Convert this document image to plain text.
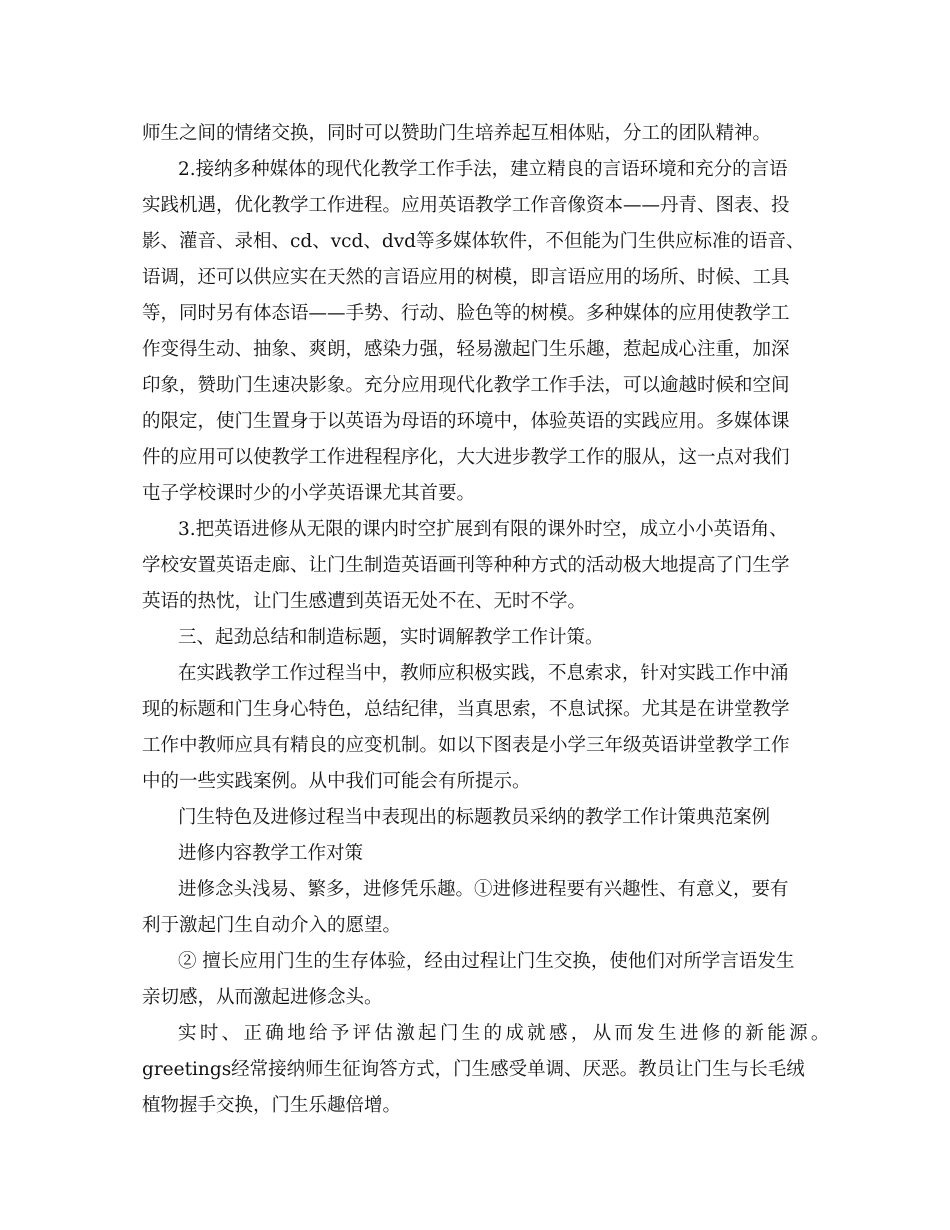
师生之间的情绪交换，同时可以赞助门生培养起互相体贴，分工的团队精神。
2.接纳多种媒体的现代化教学工作手法，建立精良的言语环境和充分的言语
实践机遇，优化教学工作进程。应用英语教学工作音像资本——丹青、图表、投
影、灌音、录相、cd、vcd、dvd等多媒体软件，不但能为门生供应标准的语音、
语调，还可以供应实在天然的言语应用的树模，即言语应用的场所、时候、工具
等，同时另有体态语——手势、行动、脸色等的树模。多种媒体的应用使教学工
作变得生动、抽象、爽朗，感染力强，轻易激起门生乐趣，惹起成心注重，加深
印象，赞助门生速决影象。充分应用现代化教学工作手法，可以逾越时候和空间
的限定，使门生置身于以英语为母语的环境中，体验英语的实践应用。多媒体课
件的应用可以使教学工作进程程序化，大大进步教学工作的服从，这一点对我们
屯子学校课时少的小学英语课尤其首要。
3.把英语进修从无限的课内时空扩展到有限的课外时空，成立小小英语角、
学校安置英语走廊、让门生制造英语画刊等种种方式的活动极大地提高了门生学
英语的热忱，让门生感遭到英语无处不在、无时不学。
三、起劲总结和制造标题，实时调解教学工作计策。
在实践教学工作过程当中，教师应积极实践，不息索求，针对实践工作中涌
现的标题和门生身心特色，总结纪律，当真思索，不息试探。尤其是在讲堂教学
工作中教师应具有精良的应变机制。如以下图表是小学三年级英语讲堂教学工作
中的一些实践案例。从中我们可能会有所提示。
门生特色及进修过程当中表现出的标题教员采纳的教学工作计策典范案例
进修内容教学工作对策
进修念头浅易、繁多，进修凭乐趣。①进修进程要有兴趣性、有意义，要有
利于激起门生自动介入的愿望。
② 擅长应用门生的生存体验，经由过程让门生交换，使他们对所学言语发生
亲切感，从而激起进修念头。
实时、正确地给予评估激起门生的成就感，从而发生进修的新能源。
greetings经常接纳师生征询答方式，门生感受单调、厌恶。教员让门生与长毛绒
植物握手交换，门生乐趣倍增。
